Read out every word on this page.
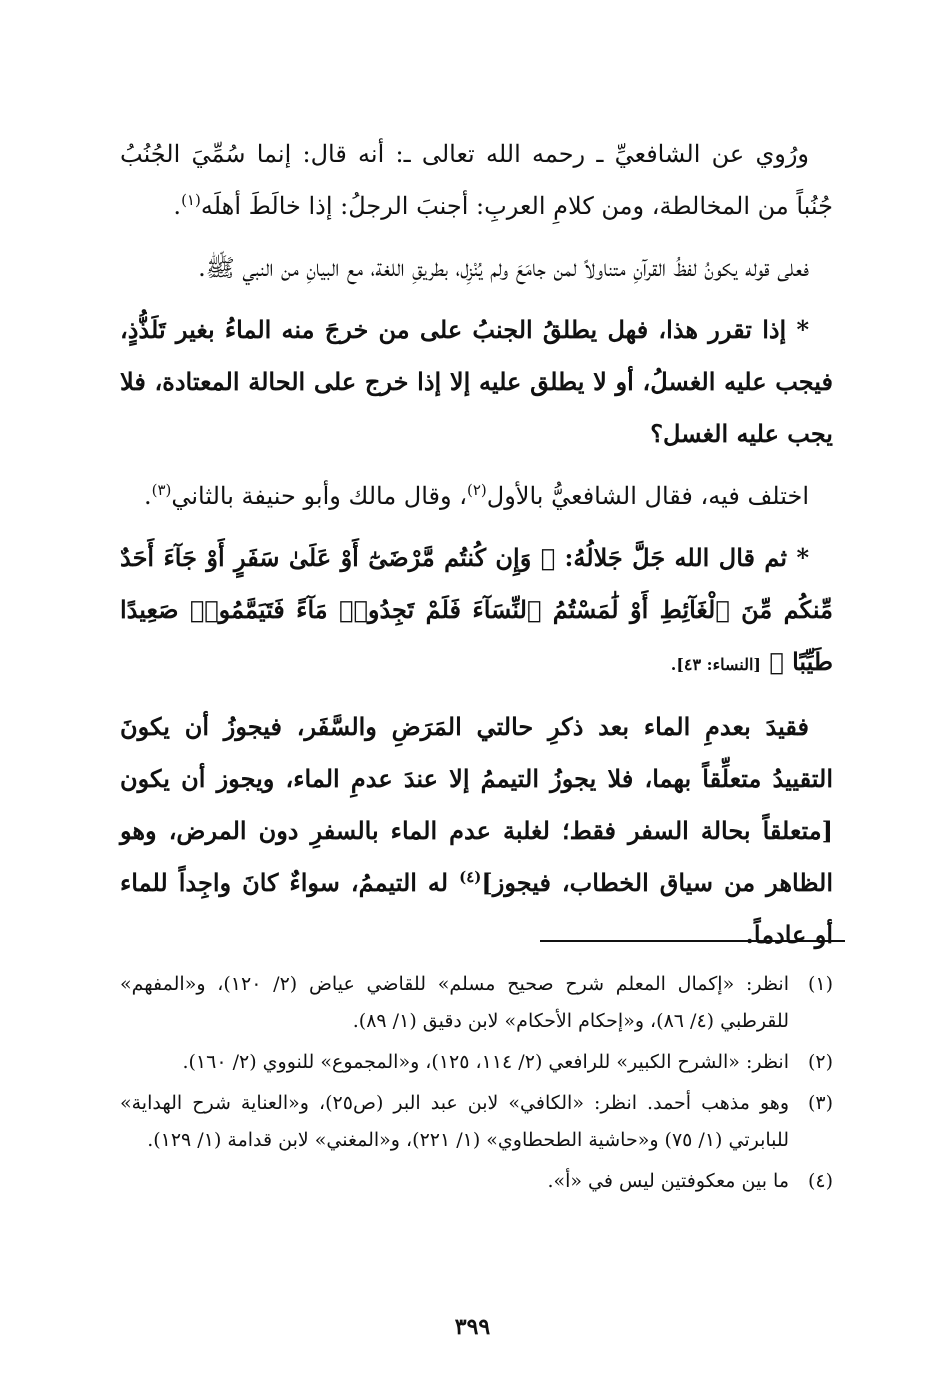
ورُوي عن الشافعيِّ ـ رحمه الله تعالى ـ: أنه قال: إنما سُمِّيَ الجُنُبُ جُنُباً من المخالطة، ومن كلامِ العربِ: أجنبَ الرجلُ: إذا خالَطَ أهلَه$^{(١)}$.

فعلى قوله يكونُ لفظُ القرآنِ متناولاً لمن جامَعَ ولم يُنْزِل، بطريقِ اللغة، مع البيانِ من النبي ﷺ.

* إذا تقرر هذا، فهل يطلقُ الجنبُ على من خرجَ منه الماءُ بغير تَلَذُّذٍ، فيجب عليه الغسلُ، أو لا يطلق عليه إلا إذا خرج على الحالة المعتادة، فلا يجب عليه الغسل؟

اختلف فيه، فقال الشافعيُّ بالأول$^{(٢)}$، وقال مالك وأبو حنيفة بالثاني$^{(٣)}$.

* ثم قال الله جَلَّ جَلالُهُ: ﴿ وَإِن كُنتُم مَّرْضَىٰٓ أَوْ عَلَىٰ سَفَرٍ أَوْ جَآءَ أَحَدٌ مِّنكُم مِّنَ ٱلْغَآئِطِ أَوْ لَٰمَسْتُمُ ٱلنِّسَآءَ فَلَمْ تَجِدُوا۟ مَآءً فَتَيَمَّمُوا۟ صَعِيدًا طَيِّبًا ﴾ [النساء: ٤٣].

فقيدَ بعدمِ الماء بعد ذكرِ حالتي المَرَضِ والسَّفَر، فيجوزُ أن يكونَ التقييدُ متعلِّقاً بهما، فلا يجوزُ التيممُ إلا عندَ عدمِ الماء، ويجوز أن يكون [متعلقاً بحالة السفر فقط؛ لغلبة عدم الماء بالسفرِ دون المرض، وهو الظاهر من سياق الخطاب، فيجوز]$^{(٤)}$ له التيممُ، سواءٌ كانَ واجِداً للماء أو عادماً.

(١)
انظر: «إكمال المعلم شرح صحيح مسلم» للقاضي عياض (٢/ ١٢٠)، و«المفهم» للقرطبي (٤/ ٨٦)، و«إحكام الأحكام» لابن دقيق (١/ ٨٩).
(٢)
انظر: «الشرح الكبير» للرافعي (٢/ ١١٤، ١٢٥)، و«المجموع» للنووي (٢/ ١٦٠).
(٣)
وهو مذهب أحمد. انظر: «الكافي» لابن عبد البر (ص٢٥)، و«العناية شرح الهداية» للبابرتي (١/ ٧٥) و«حاشية الطحطاوي» (١/ ٢٢١)، و«المغني» لابن قدامة (١/ ١٢٩).
(٤)
ما بين معكوفتين ليس في «أ».
٣٩٩
